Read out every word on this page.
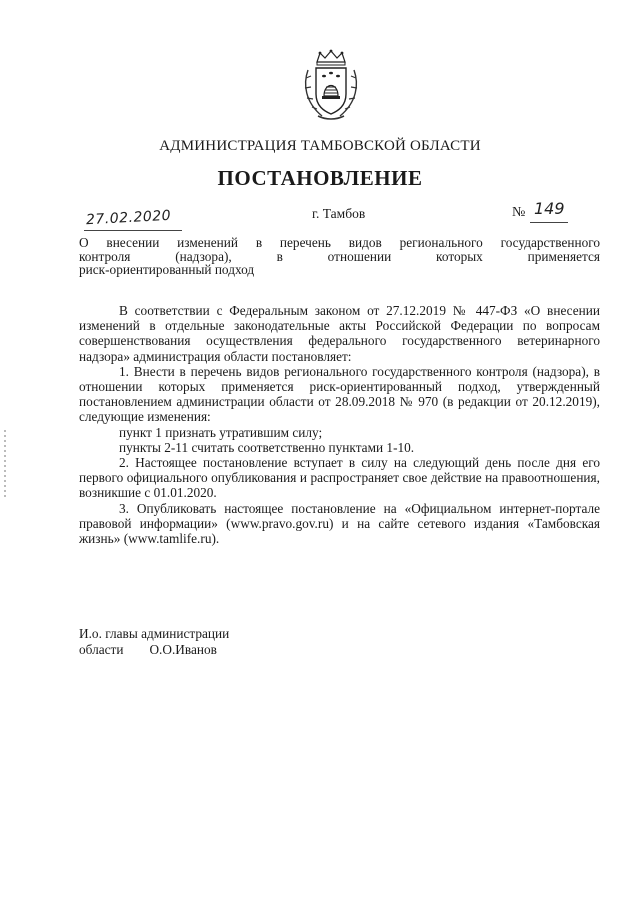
АДМИНИСТРАЦИЯ ТАМБОВСКОЙ ОБЛАСТИ
ПОСТАНОВЛЕНИЕ
27.02.2020	г. Тамбов	№ 149
О внесении изменений в перечень видов регионального государственного
контроля (надзора), в отношении которых применяется
риск-ориентированный подход
В соответствии с Федеральным законом от 27.12.2019 № 447-ФЗ «О внесении изменений в отдельные законодательные акты Российской Федерации по вопросам совершенствования осуществления федерального государственного ветеринарного надзора» администрация области постановляет:
1. Внести в перечень видов регионального государственного контроля (надзора), в отношении которых применяется риск-ориентированный подход, утвержденный постановлением администрации области от 28.09.2018 № 970 (в редакции от 20.12.2019), следующие изменения:
пункт 1 признать утратившим силу;
пункты 2-11 считать соответственно пунктами 1-10.
2. Настоящее постановление вступает в силу на следующий день после дня его первого официального опубликования и распространяет свое действие на правоотношения, возникшие с 01.01.2020.
3. Опубликовать настоящее постановление на «Официальном интернет-портале правовой информации» (www.pravo.gov.ru) и на сайте сетевого издания «Тамбовская жизнь» (www.tamlife.ru).
И.о. главы администрации
области О.О.Иванов
